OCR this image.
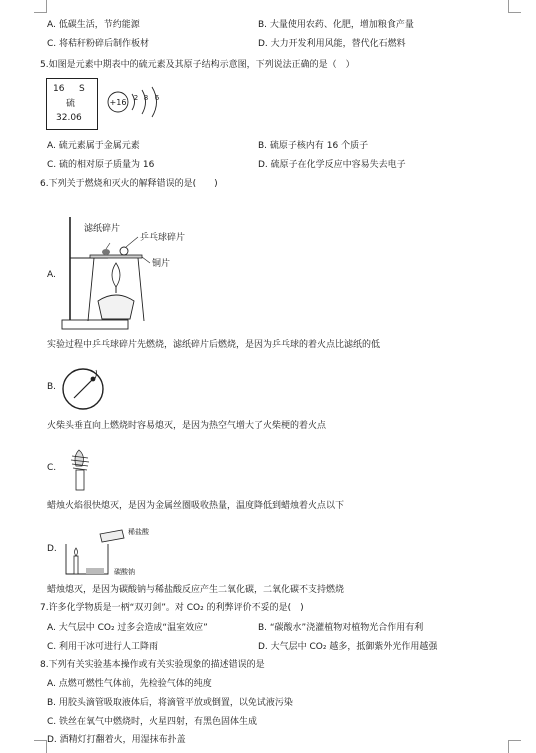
A. 低碳生活，节约能源	B. 大量使用农药、化肥，增加粮食产量
C. 将秸秆粉碎后制作板材	D. 大力开发利用风能，替代化石燃料
5.如图是元素中期表中的硫元素及其原子结构示意图，下列说法正确的是（　）
16 S
硫
32.06
+16 2 8 6
A. 硫元素属于金属元素	B. 硫原子核内有 16 个质子
C. 硫的相对原子质量为 16	D. 硫原子在化学反应中容易失去电子
6.下列关于燃烧和灭火的解释错误的是(　　)
A.
滤纸碎片
乒乓球碎片
铜片
实验过程中乒乓球碎片先燃烧，滤纸碎片后燃烧，是因为乒乓球的着火点比滤纸的低
B.
火柴头垂直向上燃烧时容易熄灭，是因为热空气增大了火柴梗的着火点
C.
蜡烛火焰很快熄灭，是因为金属丝圈吸收热量，温度降低到蜡烛着火点以下
D.
稀盐酸
碳酸钠
蜡烛熄灭，是因为碳酸钠与稀盐酸反应产生二氧化碳，二氧化碳不支持燃烧
7.许多化学物质是一柄“双刃剑”。对 CO₂ 的利弊评价不妥的是(　)
A. 大气层中 CO₂ 过多会造成“温室效应”	B. “碳酸水”浇灌植物对植物光合作用有利
C. 利用干冰可进行人工降雨	D. 大气层中 CO₂ 越多，抵御紫外光作用越强
8.下列有关实验基本操作或有关实验现象的描述错误的是
A. 点燃可燃性气体前，先检验气体的纯度
B. 用胶头滴管吸取液体后，将滴管平放或倒置，以免试液污染
C. 铁丝在氧气中燃烧时，火星四射，有黑色固体生成
D. 酒精灯打翻着火，用湿抹布扑盖
